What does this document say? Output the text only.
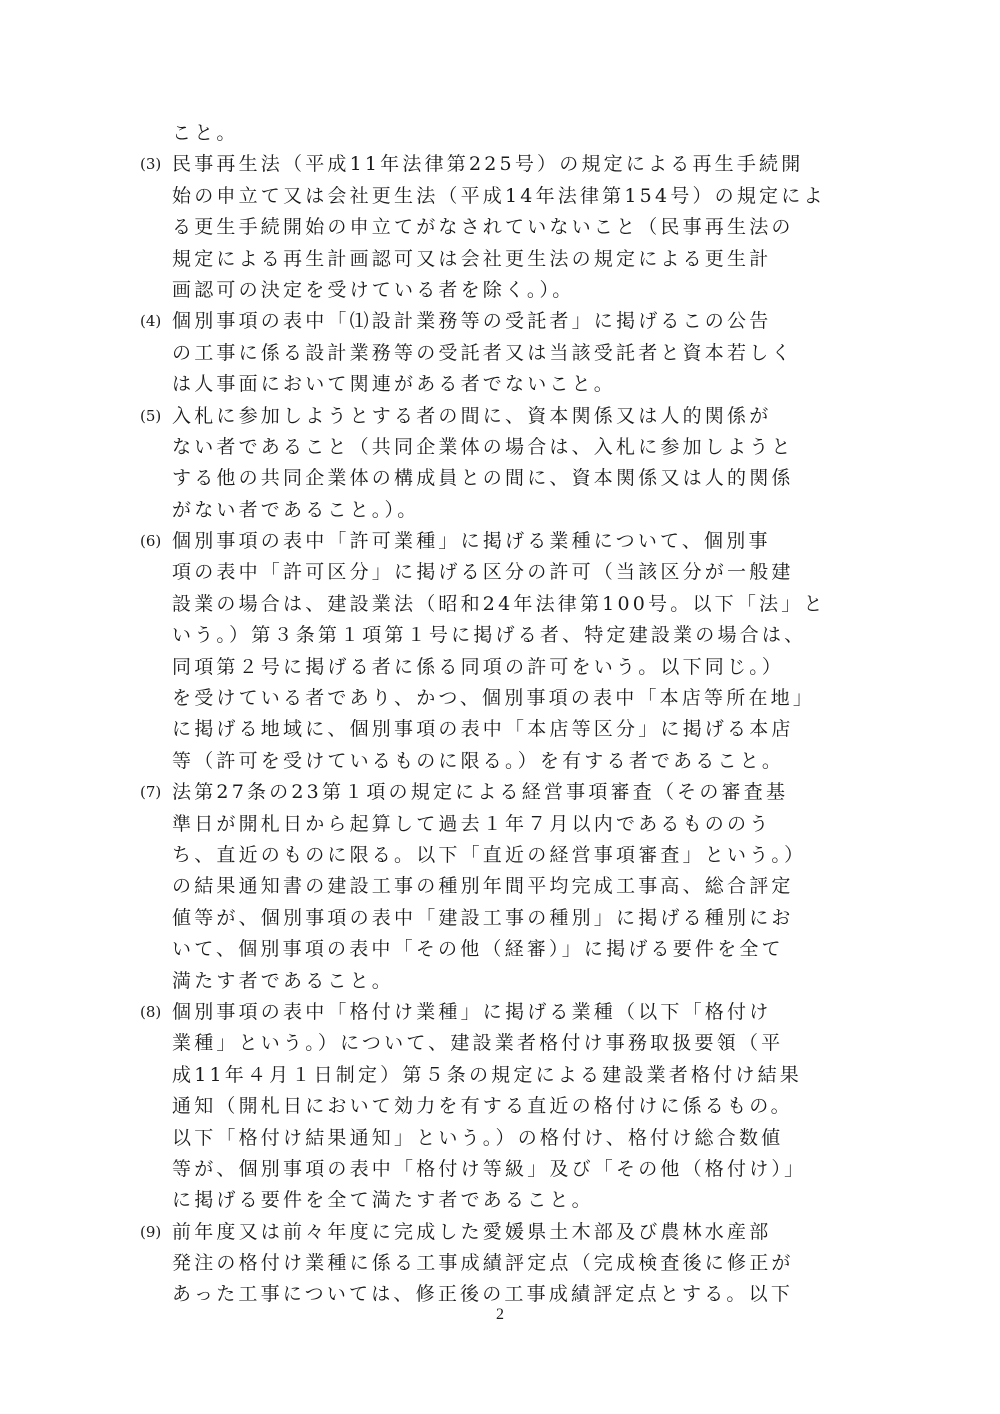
こと。
(3) 民事再生法（平成11年法律第225号）の規定による再生手続開
始の申立て又は会社更生法（平成14年法律第154号）の規定によ
る更生手続開始の申立てがなされていないこと（民事再生法の
規定による再生計画認可又は会社更生法の規定による更生計
画認可の決定を受けている者を除く。）。
(4) 個別事項の表中「⑴設計業務等の受託者」に掲げるこの公告
の工事に係る設計業務等の受託者又は当該受託者と資本若しく
は人事面において関連がある者でないこと。
(5) 入札に参加しようとする者の間に、資本関係又は人的関係が
ない者であること（共同企業体の場合は、入札に参加しようと
する他の共同企業体の構成員との間に、資本関係又は人的関係
がない者であること。）。
(6) 個別事項の表中「許可業種」に掲げる業種について、個別事
項の表中「許可区分」に掲げる区分の許可（当該区分が一般建
設業の場合は、建設業法（昭和24年法律第100号。以下「法」と
いう。）第３条第１項第１号に掲げる者、特定建設業の場合は、
同項第２号に掲げる者に係る同項の許可をいう。以下同じ。）
を受けている者であり、かつ、個別事項の表中「本店等所在地」
に掲げる地域に、個別事項の表中「本店等区分」に掲げる本店
等（許可を受けているものに限る。）を有する者であること。
(7) 法第27条の23第１項の規定による経営事項審査（その審査基
準日が開札日から起算して過去１年７月以内であるもののう
ち、直近のものに限る。以下「直近の経営事項審査」という。）
の結果通知書の建設工事の種別年間平均完成工事高、総合評定
値等が、個別事項の表中「建設工事の種別」に掲げる種別にお
いて、個別事項の表中「その他（経審）」に掲げる要件を全て
満たす者であること。
(8) 個別事項の表中「格付け業種」に掲げる業種（以下「格付け
業種」という。）について、建設業者格付け事務取扱要領（平
成11年４月１日制定）第５条の規定による建設業者格付け結果
通知（開札日において効力を有する直近の格付けに係るもの。
以下「格付け結果通知」という。）の格付け、格付け総合数値
等が、個別事項の表中「格付け等級」及び「その他（格付け）」
に掲げる要件を全て満たす者であること。
(9) 前年度又は前々年度に完成した愛媛県土木部及び農林水産部
発注の格付け業種に係る工事成績評定点（完成検査後に修正が
あった工事については、修正後の工事成績評定点とする。以下
2
